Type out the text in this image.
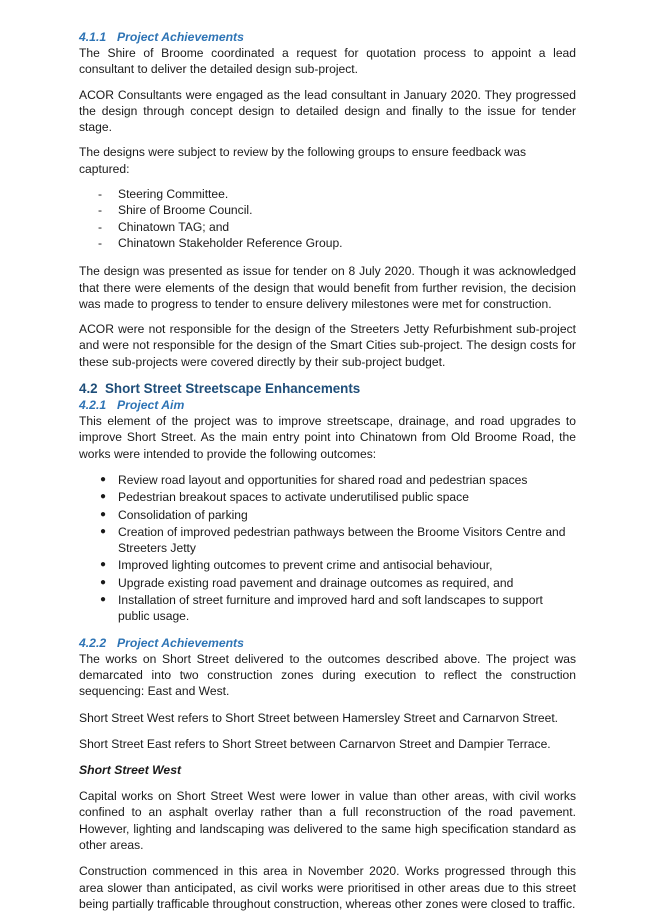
4.1.1 Project Achievements

The Shire of Broome coordinated a request for quotation process to appoint a lead consultant to deliver the detailed design sub-project.

ACOR Consultants were engaged as the lead consultant in January 2020. They progressed the design through concept design to detailed design and finally to the issue for tender stage.

The designs were subject to review by the following groups to ensure feedback was captured:

- Steering Committee.
- Shire of Broome Council.
- Chinatown TAG; and
- Chinatown Stakeholder Reference Group.

The design was presented as issue for tender on 8 July 2020. Though it was acknowledged that there were elements of the design that would benefit from further revision, the decision was made to progress to tender to ensure delivery milestones were met for construction.

ACOR were not responsible for the design of the Streeters Jetty Refurbishment sub-project and were not responsible for the design of the Smart Cities sub-project. The design costs for these sub-projects were covered directly by their sub-project budget.

4.2 Short Street Streetscape Enhancements
4.2.1 Project Aim

This element of the project was to improve streetscape, drainage, and road upgrades to improve Short Street. As the main entry point into Chinatown from Old Broome Road, the works were intended to provide the following outcomes:

● Review road layout and opportunities for shared road and pedestrian spaces
● Pedestrian breakout spaces to activate underutilised public space
● Consolidation of parking
● Creation of improved pedestrian pathways between the Broome Visitors Centre and Streeters Jetty
● Improved lighting outcomes to prevent crime and antisocial behaviour,
● Upgrade existing road pavement and drainage outcomes as required, and
● Installation of street furniture and improved hard and soft landscapes to support public usage.
4.2.2 Project Achievements

The works on Short Street delivered to the outcomes described above. The project was demarcated into two construction zones during execution to reflect the construction sequencing: East and West.

Short Street West refers to Short Street between Hamersley Street and Carnarvon Street.

Short Street East refers to Short Street between Carnarvon Street and Dampier Terrace.

Short Street West

Capital works on Short Street West were lower in value than other areas, with civil works confined to an asphalt overlay rather than a full reconstruction of the road pavement. However, lighting and landscaping was delivered to the same high specification standard as other areas.

Construction commenced in this area in November 2020. Works progressed through this area slower than anticipated, as civil works were prioritised in other areas due to this street being partially trafficable throughout construction, whereas other zones were closed to traffic.
